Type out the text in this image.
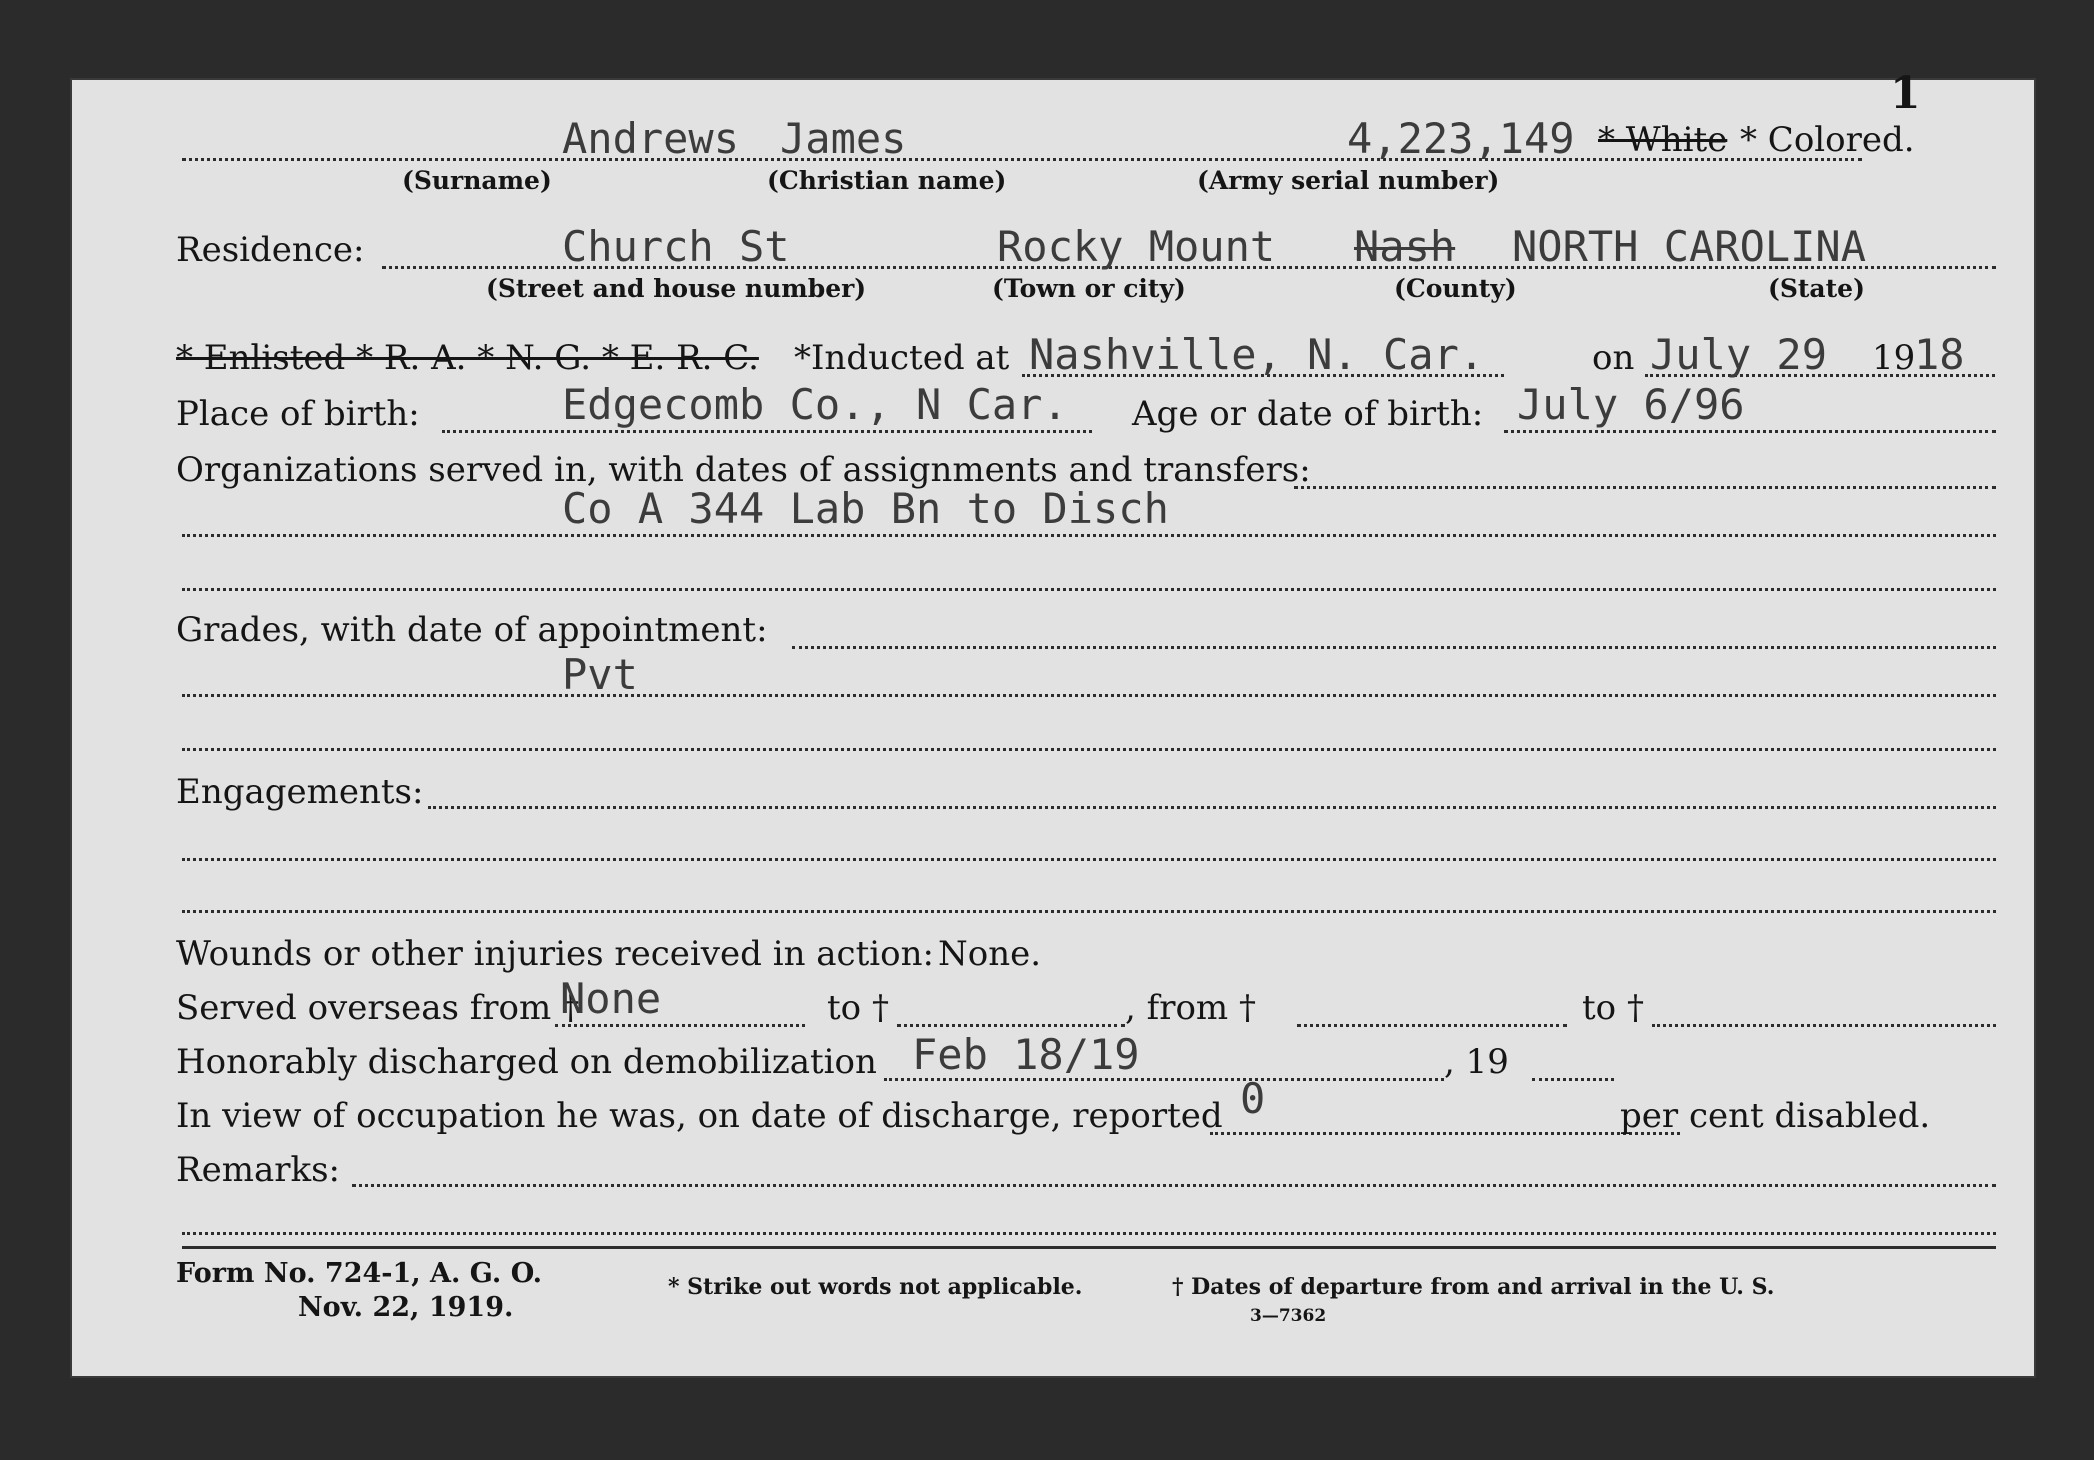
1
Andrews James	4,223,149 * White * Colored.
(Surname)	(Christian name)	(Army serial number)
Residence:	Church St	Rocky Mount Nash NORTH CAROLINA
(Street and house number)	(Town or city)	(County)	(State)
* Enlisted * R. A. * N. G. * E. R. C. *Inducted at Nashville, N. Car.	on July 29 19
18
Place of birth:	Edgecomb Co., N Car. Age or date of birth: July 6/96
Organizations served in, with dates of assignments and transfers:
Co A 344 Lab Bn to Disch
Grades, with date of appointment:
Pvt
Engagements:
Wounds or other injuries received in action: None.
Served overseas from †
None	to †	, from †	to †
Honorably discharged on demobilization Feb 18/19	, 19
In view of occupation he was, on date of discharge, reported 0	per cent disabled.
Remarks:
Form No. 724-1, A. G. O.
Nov. 22, 1919.
* Strike out words not applicable.	† Dates of departure from and arrival in the U. S.
3—7362
